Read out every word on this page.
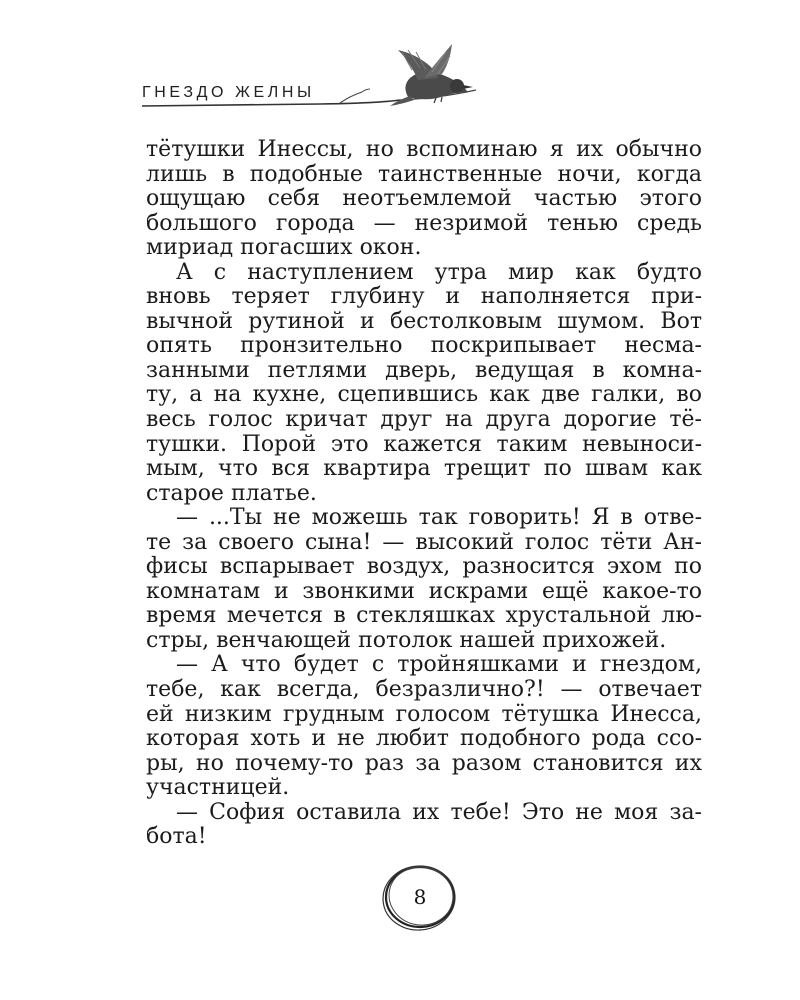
ГНЕЗДО ЖЕЛНЫ
тётушки Инессы, но вспоминаю я их обычно
лишь в подобные таинственные ночи, когда
ощущаю себя неотъемлемой частью этого
большого города — незримой тенью средь
мириад погасших окон.
А с наступлением утра мир как будто
вновь теряет глубину и наполняется при-
вычной рутиной и бестолковым шумом. Вот
опять пронзительно поскрипывает несма-
занными петлями дверь, ведущая в комна-
ту, а на кухне, сцепившись как две галки, во
весь голос кричат друг на друга дорогие тё-
тушки. Порой это кажется таким невыноси-
мым, что вся квартира трещит по швам как
старое платье.
— ...Ты не можешь так говорить! Я в отве-
те за своего сына! — высокий голос тёти Ан-
фисы вспарывает воздух, разносится эхом по
комнатам и звонкими искрами ещё какое-то
время мечется в стекляшках хрустальной лю-
стры, венчающей потолок нашей прихожей.
— А что будет с тройняшками и гнездом,
тебе, как всегда, безразлично?! — отвечает
ей низким грудным голосом тётушка Инесса,
которая хоть и не любит подобного рода ссо-
ры, но почему-то раз за разом становится их
участницей.
— София оставила их тебе! Это не моя за-
бота!
8
